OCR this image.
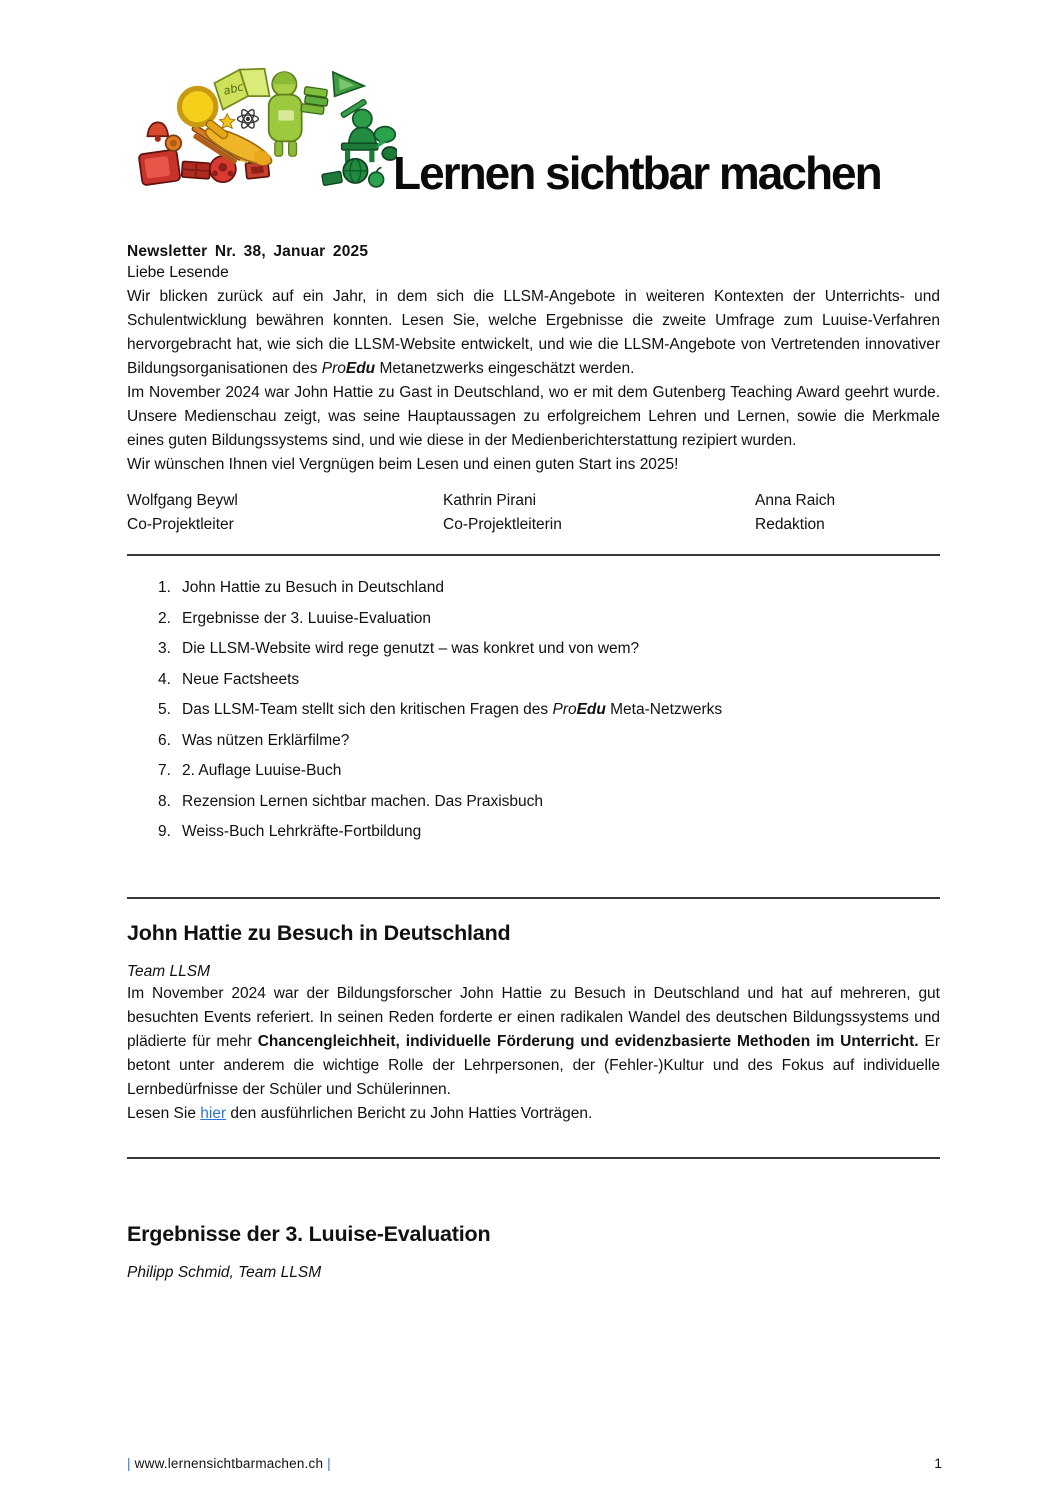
abc
Lernen sichtbar machen
Newsletter Nr. 38, Januar 2025

Liebe Lesende

Wir blicken zurück auf ein Jahr, in dem sich die LLSM-Angebote in weiteren Kontexten der Unterrichts- und Schulentwicklung bewähren konnten. Lesen Sie, welche Ergebnisse die zweite Umfrage zum Luuise-Verfahren hervorgebracht hat, wie sich die LLSM-Website entwickelt, und wie die LLSM-Angebote von Vertretenden innovativer Bildungsorganisationen des ProEdu Metanetzwerks eingeschätzt werden.

Im November 2024 war John Hattie zu Gast in Deutschland, wo er mit dem Gutenberg Teaching Award geehrt wurde. Unsere Medienschau zeigt, was seine Hauptaussagen zu erfolgreichem Lehren und Lernen, sowie die Merkmale eines guten Bildungssystems sind, und wie diese in der Medienberichterstattung rezipiert wurden.

Wir wünschen Ihnen viel Vergnügen beim Lesen und einen guten Start ins 2025!

Wolfgang Beywl
Co-Projektleiter
Kathrin Pirani
Co-Projektleiterin
Anna Raich
Redaktion
1. John Hattie zu Besuch in Deutschland
2. Ergebnisse der 3. Luuise-Evaluation
3. Die LLSM-Website wird rege genutzt – was konkret und von wem?
4. Neue Factsheets
5. Das LLSM-Team stellt sich den kritischen Fragen des ProEdu Meta-Netzwerks
6. Was nützen Erklärfilme?
7. 2. Auflage Luuise-Buch
8. Rezension Lernen sichtbar machen. Das Praxisbuch
9. Weiss-Buch Lehrkräfte-Fortbildung
John Hattie zu Besuch in Deutschland
Team LLSM

Im November 2024 war der Bildungsforscher John Hattie zu Besuch in Deutschland und hat auf mehreren, gut besuchten Events referiert. In seinen Reden forderte er einen radikalen Wandel des deutschen Bildungssystems und plädierte für mehr Chancengleichheit, individuelle Förderung und evidenzbasierte Methoden im Unterricht. Er betont unter anderem die wichtige Rolle der Lehrpersonen, der (Fehler-)Kultur und des Fokus auf individuelle Lernbedürfnisse der Schüler und Schülerinnen.

Lesen Sie hier den ausführlichen Bericht zu John Hatties Vorträgen.

Ergebnisse der 3. Luuise-Evaluation
Philipp Schmid, Team LLSM
| www.lernensichtbarmachen.ch |	1
